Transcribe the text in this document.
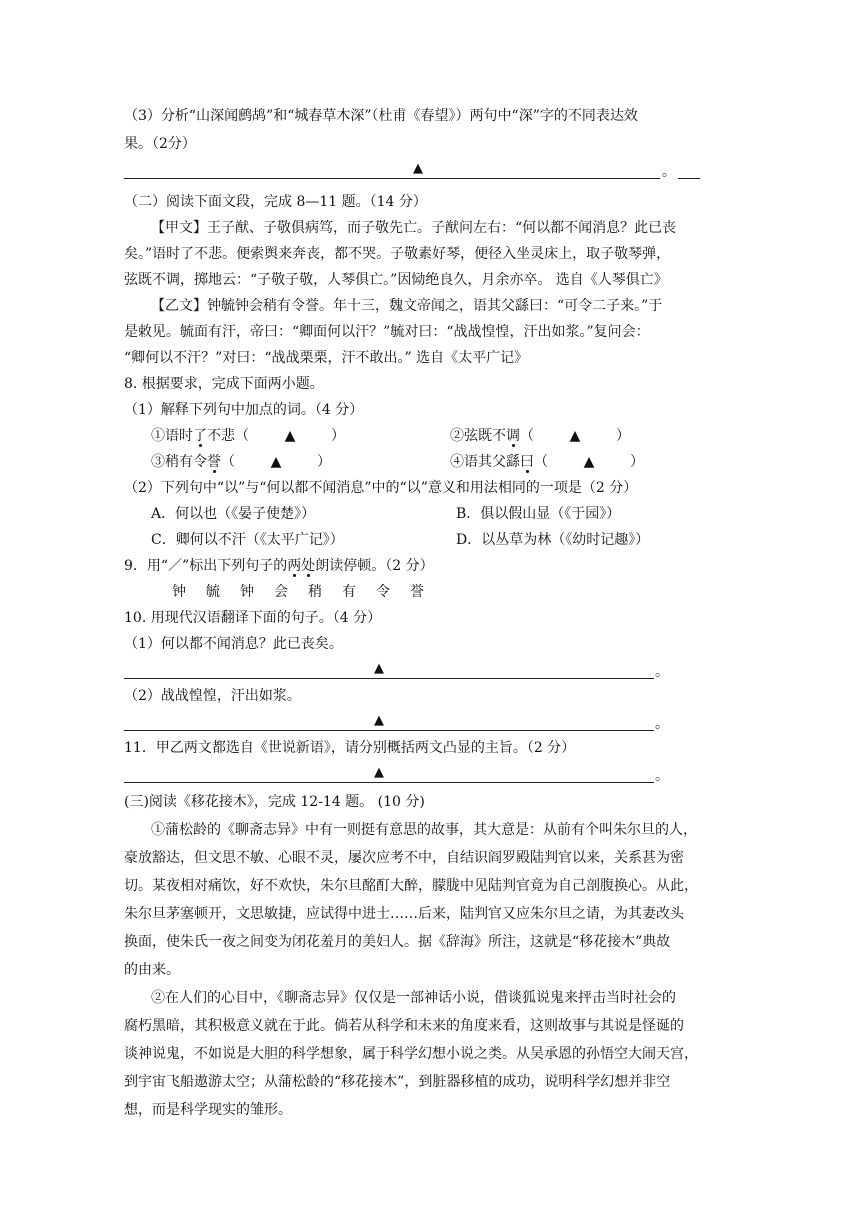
（3）分析“山深闻鹧鸪”和“城春草木深”（杜甫《春望》）两句中“深”字的不同表达效
果。（2分）
▲	。
（二）阅读下面文段，完成 8—11 题。（14 分）
【甲文】王子猷、子敬俱病笃，而子敬先亡。子猷问左右：“何以都不闻消息？此已丧
矣。”语时了不悲。便索舆来奔丧，都不哭。子敬素好琴，便径入坐灵床上，取子敬琴弹，
弦既不调，掷地云：“子敬子敬，人琴俱亡。”因恸绝良久，月余亦卒。 选自《人琴俱亡》
【乙文】钟毓钟会稍有令誉。年十三，魏文帝闻之，语其父繇曰：“可令二子来。”于
是敕见。毓面有汗，帝曰：“卿面何以汗？”毓对曰：“战战惶惶，汗出如浆。”复问会：
“卿何以不汗？”对曰：“战战栗栗，汗不敢出。” 选自《太平广记》
8. 根据要求，完成下面两小题。
（1）解释下列句中加点的词。（4 分）
①语时了不悲（	▲	）	②弦既不调（	▲	）
③稍有令誉（	▲	）	④语其父繇曰（	▲	）
（2）下列句中“以”与“何以都不闻消息”中的“以”意义和用法相同的一项是（2 分）
A．何以也（《晏子使楚》）	B．俱以假山显（《于园》）
C．卿何以不汗（《太平广记》）	D．以丛草为林（《幼时记趣》）
9．用“／”标出下列句子的两处朗读停顿。（2 分）
钟毓钟会稍有令誉
10. 用现代汉语翻译下面的句子。（4 分）
（1）何以都不闻消息？此已丧矣。
▲	。
（2）战战惶惶，汗出如浆。
▲	。
11．甲乙两文都选自《世说新语》，请分别概括两文凸显的主旨。（2 分）
▲	。
(三)阅读《移花接木》，完成 12-14 题。 (10 分)
①蒲松龄的《聊斋志异》中有一则挺有意思的故事，其大意是：从前有个叫朱尔旦的人，
豪放豁达，但文思不敏、心眼不灵，屡次应考不中，自结识阎罗殿陆判官以来，关系甚为密
切。某夜相对痛饮，好不欢快，朱尔旦酩酊大醉，朦胧中见陆判官竟为自己剖腹换心。从此，
朱尔旦茅塞顿开，文思敏捷，应试得中进士……后来，陆判官又应朱尔旦之请，为其妻改头
换面，使朱氏一夜之间变为闭花羞月的美妇人。据《辞海》所注，这就是“移花接木”典故
的由来。
②在人们的心目中，《聊斋志异》仅仅是一部神话小说，借谈狐说鬼来抨击当时社会的
腐朽黑暗，其积极意义就在于此。倘若从科学和未来的角度来看，这则故事与其说是怪诞的
谈神说鬼，不如说是大胆的科学想象，属于科学幻想小说之类。从吴承恩的孙悟空大闹天宫，
到宇宙飞船遨游太空；从蒲松龄的“移花接木”，到脏器移植的成功，说明科学幻想并非空
想，而是科学现实的雏形。
